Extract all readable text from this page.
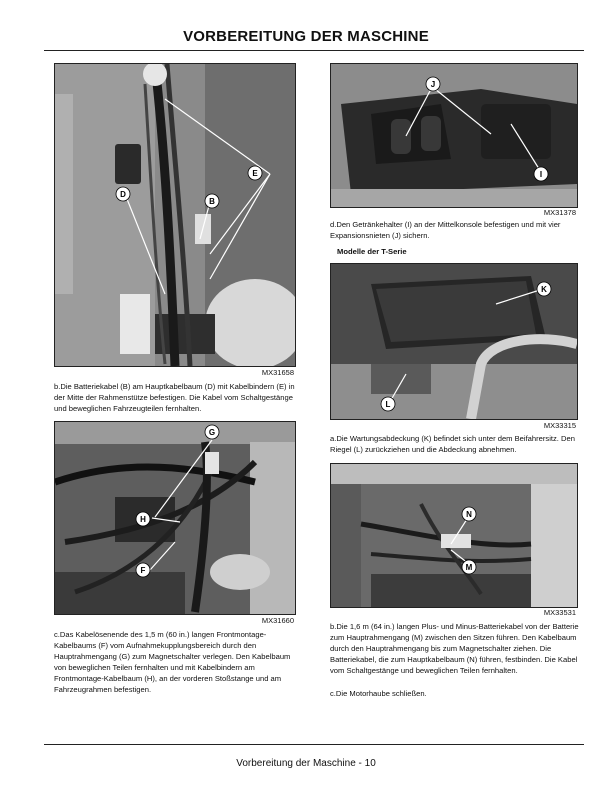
VORBEREITUNG DER MASCHINE
E
D
B
MX31658
b.Die Batteriekabel (B) am Hauptkabelbaum (D) mit Kabelbindern (E) in der Mitte der Rahmenstütze befestigen. Die Kabel vom Schaltgestänge und beweglichen Fahrzeugteilen fernhalten.
G
H
F
MX31660
c.Das Kabelösenende des 1,5 m (60 in.) langen Frontmontage-Kabelbaums (F) vom Aufnahmekupplungsbereich durch den Hauptrahmengang (G) zum Magnetschalter verlegen. Den Kabelbaum von beweglichen Teilen fernhalten und mit Kabelbindern am Frontmontage-Kabelbaum (H), an der vorderen Stoßstange und am Fahrzeugrahmen befestigen.
J
I
MX31378
d.Den Getränkehalter (I) an der Mittelkonsole befestigen und mit vier Expansionsnieten (J) sichern.
Modelle der T-Serie
K
L
MX33315
a.Die Wartungsabdeckung (K) befindet sich unter dem Beifahrersitz. Den Riegel (L) zurückziehen und die Abdeckung abnehmen.
N
M
MX33531
b.Die 1,6 m (64 in.) langen Plus- und Minus-Batteriekabel von der Batterie zum Hauptrahmengang (M) zwischen den Sitzen führen. Den Kabelbaum durch den Hauptrahmengang bis zum Magnetschalter ziehen. Die Batteriekabel, die zum Hauptkabelbaum (N) führen, festbinden. Die Kabel vom Schaltgestänge und beweglichen Teilen fernhalten.
c.Die Motorhaube schließen.
Vorbereitung der Maschine - 10
